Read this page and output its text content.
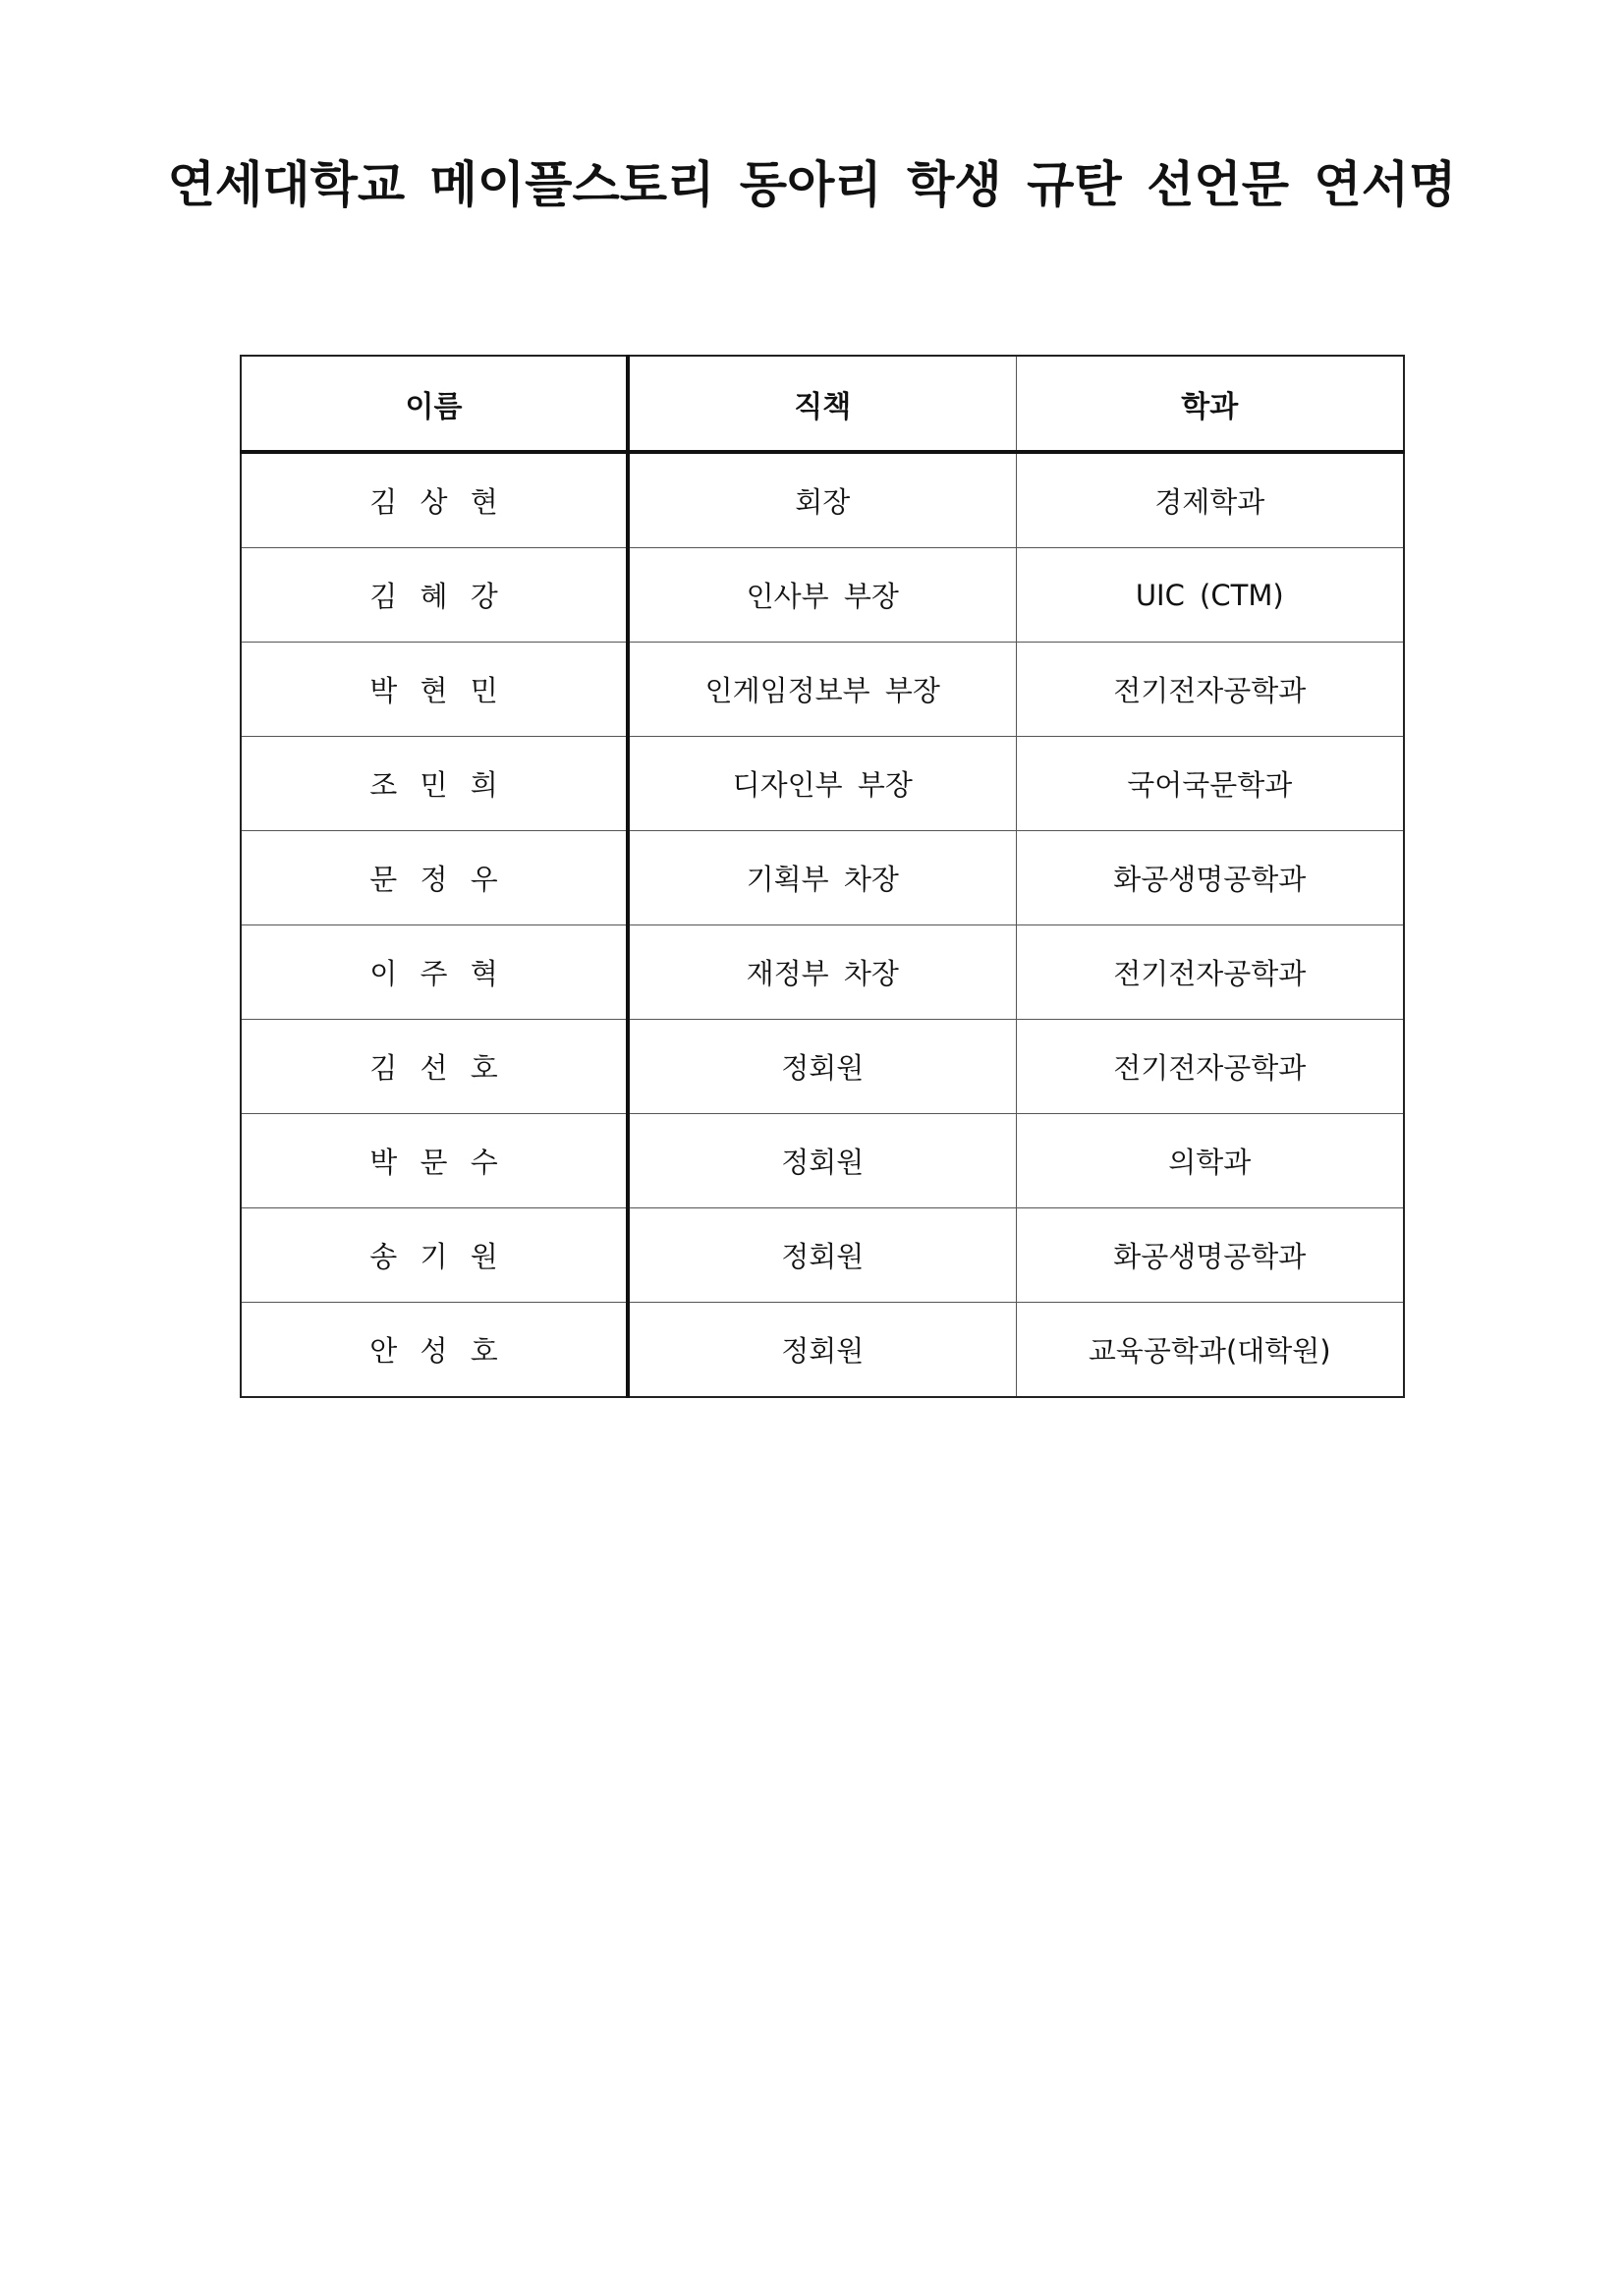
연세대학교 메이플스토리 동아리 학생 규탄 선언문 연서명
이름	직책	학과
김 상 현	회장	경제학과
김 혜 강	인사부 부장	UIC (CTM)
박 현 민	인게임정보부 부장	전기전자공학과
조 민 희	디자인부 부장	국어국문학과
문 정 우	기획부 차장	화공생명공학과
이 주 혁	재정부 차장	전기전자공학과
김 선 호	정회원	전기전자공학과
박 문 수	정회원	의학과
송 기 원	정회원	화공생명공학과
안 성 호	정회원	교육공학과(대학원)
